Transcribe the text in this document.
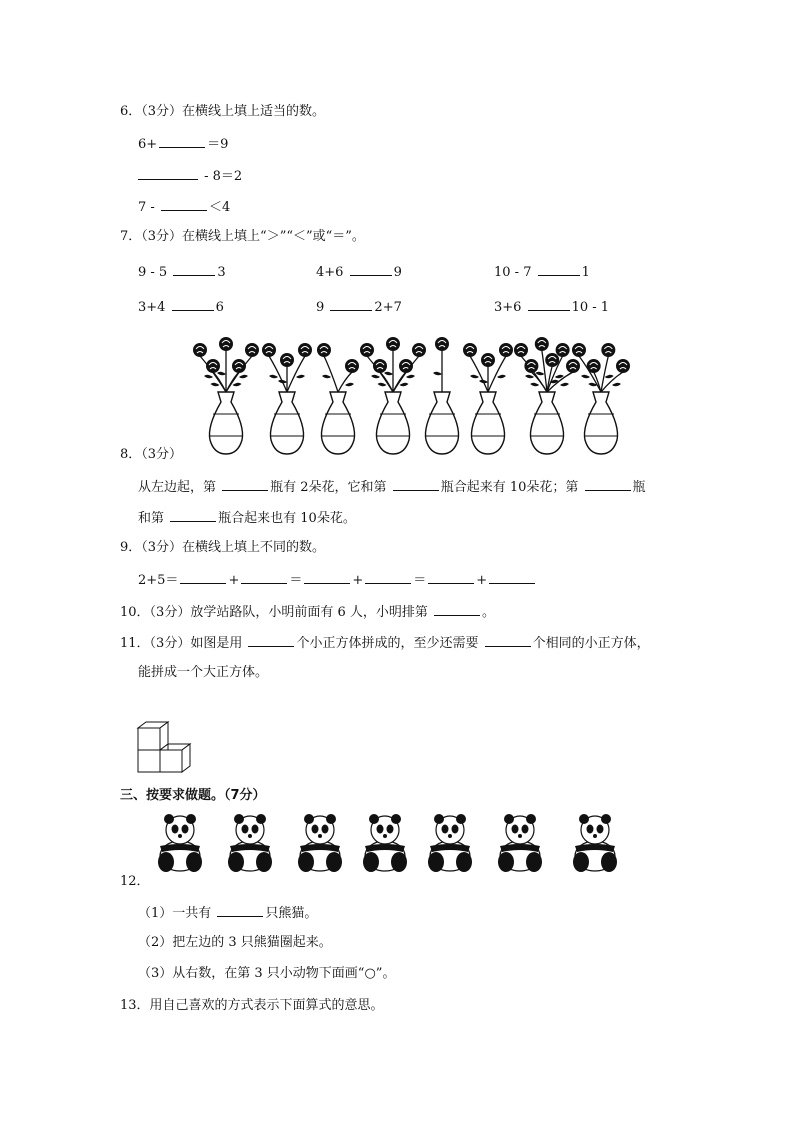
6．（3分）在横线上填上适当的数。
6+	＝9
- 8＝2
7 -	＜4
7．（3分）在横线上填上“＞”“＜”或“＝”。
9 - 5	3	4+6	9	10 - 7	1
3+4	6	9	2+7	3+6	10 - 1
8．（3分）
从左边起，第	瓶有 2朵花，它和第	瓶合起来有 10朵花；第	瓶
和第	瓶合起来也有 10朵花。
9．（3分）在横线上填上不同的数。
2+5＝	+	＝	+	＝	+
10．（3分）放学站路队，小明前面有 6 人，小明排第	。
11．（3分）如图是用	个小正方体拼成的，至少还需要	个相同的小正方体，
能拼成一个大正方体。
三、按要求做题。（7分）
12．
（1）一共有	只熊猫。
（2）把左边的 3 只熊猫圈起来。
（3）从右数，在第 3 只小动物下面画“○”。
13．用自己喜欢的方式表示下面算式的意思。
